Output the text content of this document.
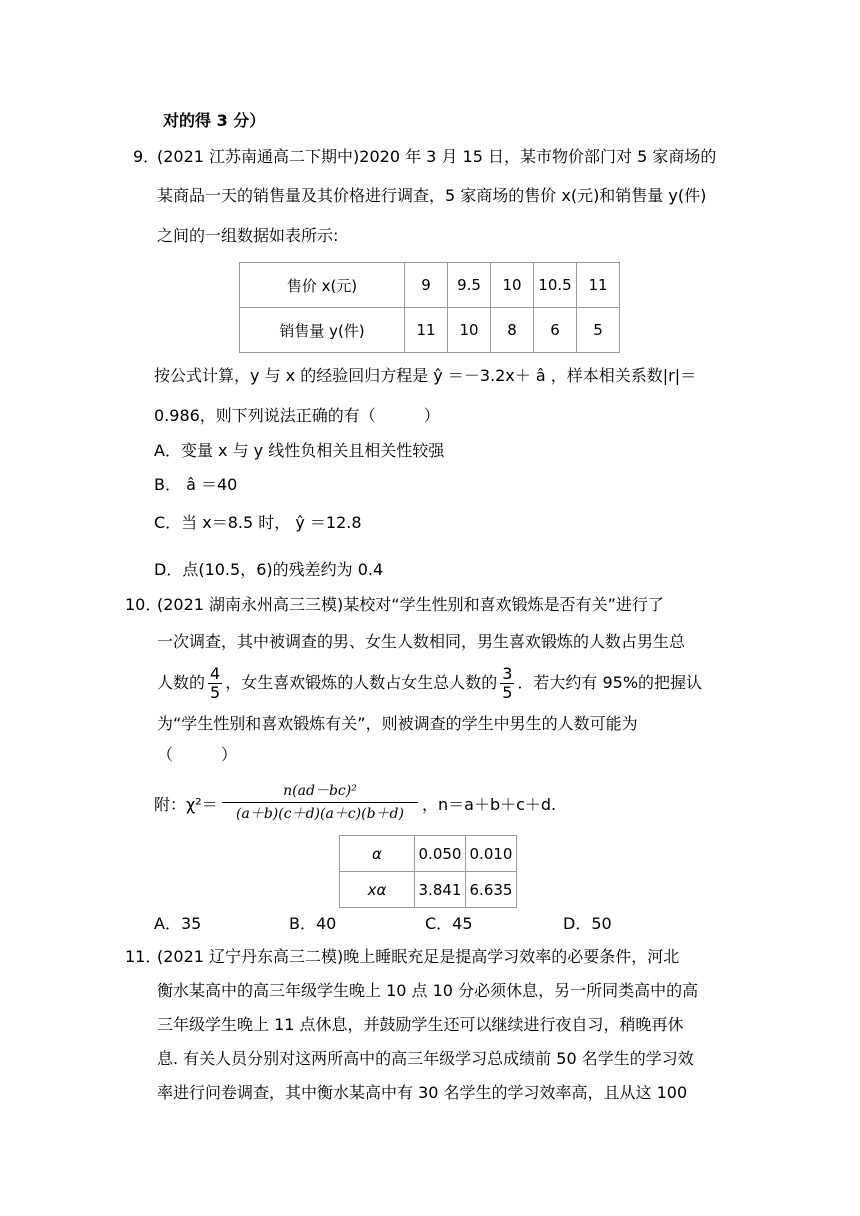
对的得 3 分）
9．
(2021 江苏南通高二下期中)2020 年 3 月 15 日，某市物价部门对 5 家商场的
某商品一天的销售量及其价格进行调查，5 家商场的售价 x(元)和销售量 y(件)
之间的一组数据如表所示:
售价 x(元)	9	9.5	10	10.5	11
销售量 y(件)	11	10	8	6	5
按公式计算，y 与 x 的经验回归方程是 ŷ ＝－3.2x＋ â ，样本相关系数|r|＝
0.986，则下列说法正确的有（　　　）
A．变量 x 与 y 线性负相关且相关性较强
B． â ＝40
C．当 x＝8.5 时， ŷ ＝12.8
D．点(10.5，6)的残差约为 0.4
10．
(2021 湖南永州高三三模)某校对“学生性别和喜欢锻炼是否有关”进行了
一次调查，其中被调查的男、女生人数相同，男生喜欢锻炼的人数占男生总
人数的 $\frac{4}{5}$ ，女生喜欢锻炼的人数占女生总人数的 $\frac{3}{5}$ ．若大约有 95%的把握认
为“学生性别和喜欢锻炼有关”，则被调查的学生中男生的人数可能为
（　　　）
附：$\chi^2= \frac{\text{n(ad－bc)²}}{(a+b)(c+d)(a+c)(b+d)}$ ，n＝a＋b＋c＋d.
α	0.050	0.010
xα	3.841	6.635
A．35	B．40	C．45	D．50
11．
(2021 辽宁丹东高三二模)晚上睡眠充足是提高学习效率的必要条件，河北
衡水某高中的高三年级学生晚上 10 点 10 分必须休息，另一所同类高中的高
三年级学生晚上 11 点休息，并鼓励学生还可以继续进行夜自习，稍晚再休
息. 有关人员分别对这两所高中的高三年级学习总成绩前 50 名学生的学习效
率进行问卷调查，其中衡水某高中有 30 名学生的学习效率高，且从这 100
